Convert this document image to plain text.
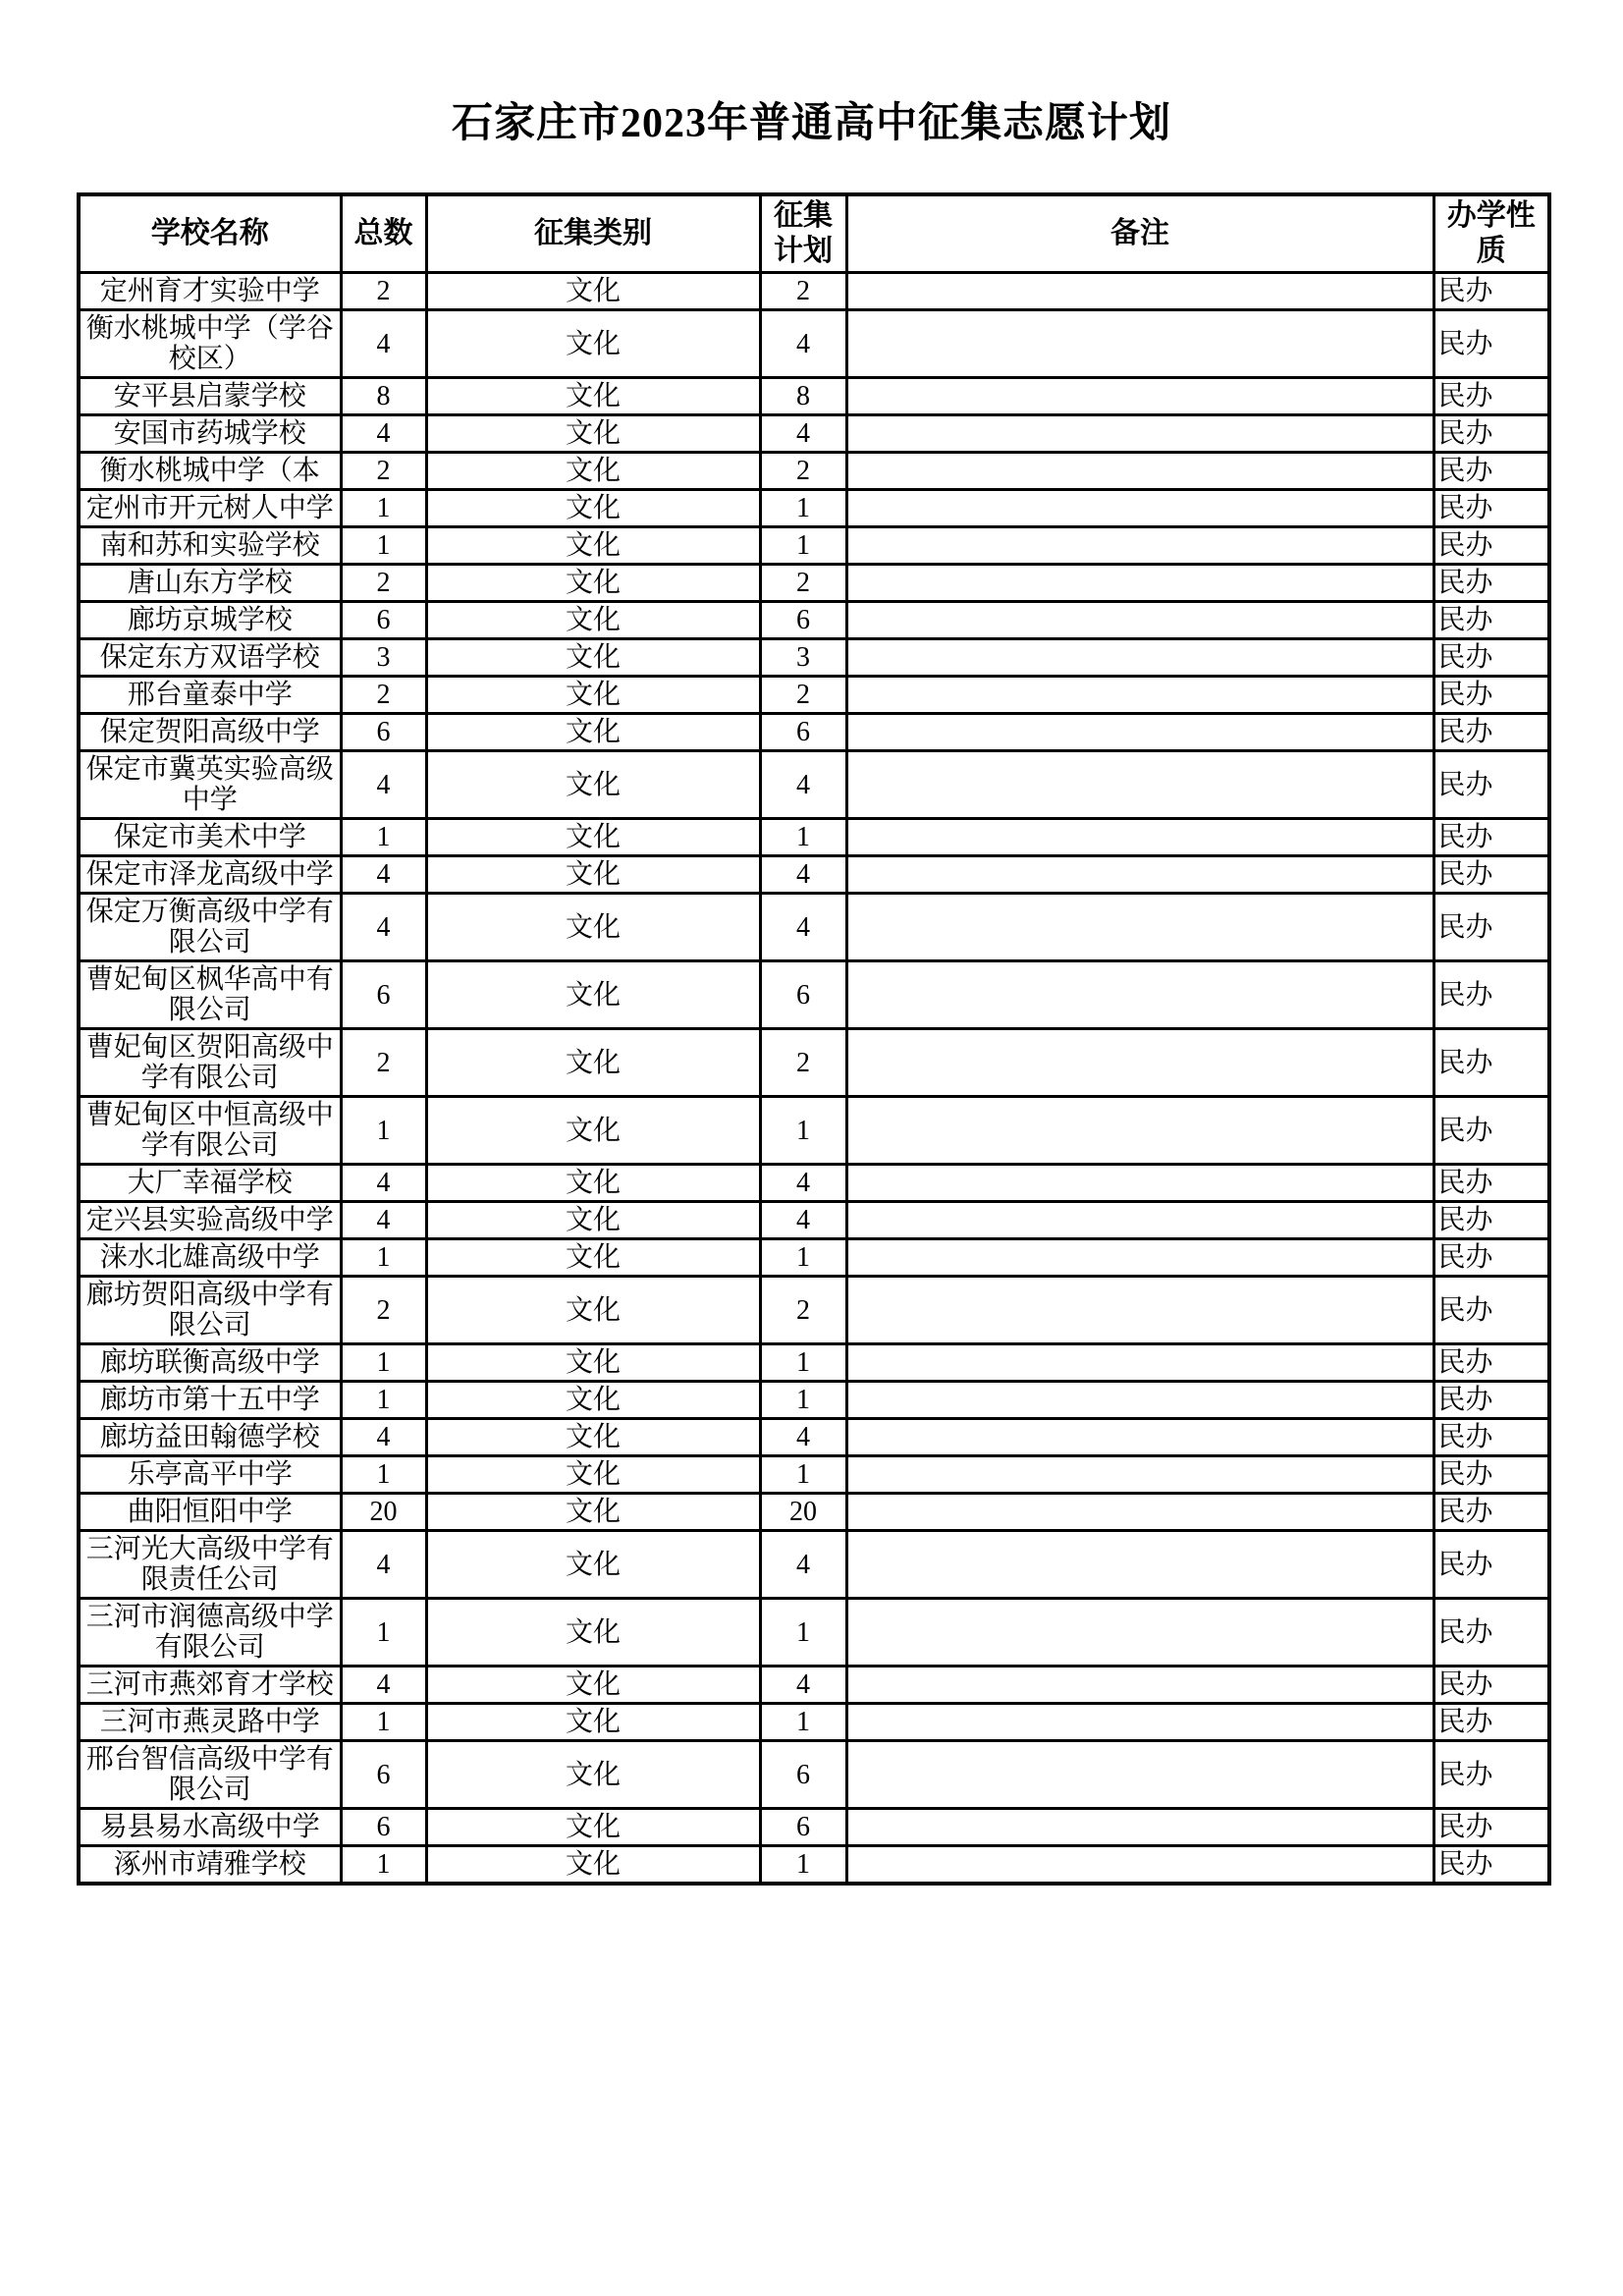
石家庄市2023年普通高中征集志愿计划
学校名称	总数	征集类别	征集计划	备注	办学性质
定州育才实验中学	2	文化	2		民办
衡水桃城中学（学谷校区）	4	文化	4		民办
安平县启蒙学校	8	文化	8		民办
安国市药城学校	4	文化	4		民办
衡水桃城中学（本	2	文化	2		民办
定州市开元树人中学	1	文化	1		民办
南和苏和实验学校	1	文化	1		民办
唐山东方学校	2	文化	2		民办
廊坊京城学校	6	文化	6		民办
保定东方双语学校	3	文化	3		民办
邢台童泰中学	2	文化	2		民办
保定贺阳高级中学	6	文化	6		民办
保定市冀英实验高级中学	4	文化	4		民办
保定市美术中学	1	文化	1		民办
保定市泽龙高级中学	4	文化	4		民办
保定万衡高级中学有限公司	4	文化	4		民办
曹妃甸区枫华高中有限公司	6	文化	6		民办
曹妃甸区贺阳高级中学有限公司	2	文化	2		民办
曹妃甸区中恒高级中学有限公司	1	文化	1		民办
大厂幸福学校	4	文化	4		民办
定兴县实验高级中学	4	文化	4		民办
涞水北雄高级中学	1	文化	1		民办
廊坊贺阳高级中学有限公司	2	文化	2		民办
廊坊联衡高级中学	1	文化	1		民办
廊坊市第十五中学	1	文化	1		民办
廊坊益田翰德学校	4	文化	4		民办
乐亭高平中学	1	文化	1		民办
曲阳恒阳中学	20	文化	20		民办
三河光大高级中学有限责任公司	4	文化	4		民办
三河市润德高级中学有限公司	1	文化	1		民办
三河市燕郊育才学校	4	文化	4		民办
三河市燕灵路中学	1	文化	1		民办
邢台智信高级中学有限公司	6	文化	6		民办
易县易水高级中学	6	文化	6		民办
涿州市靖雅学校	1	文化	1		民办
